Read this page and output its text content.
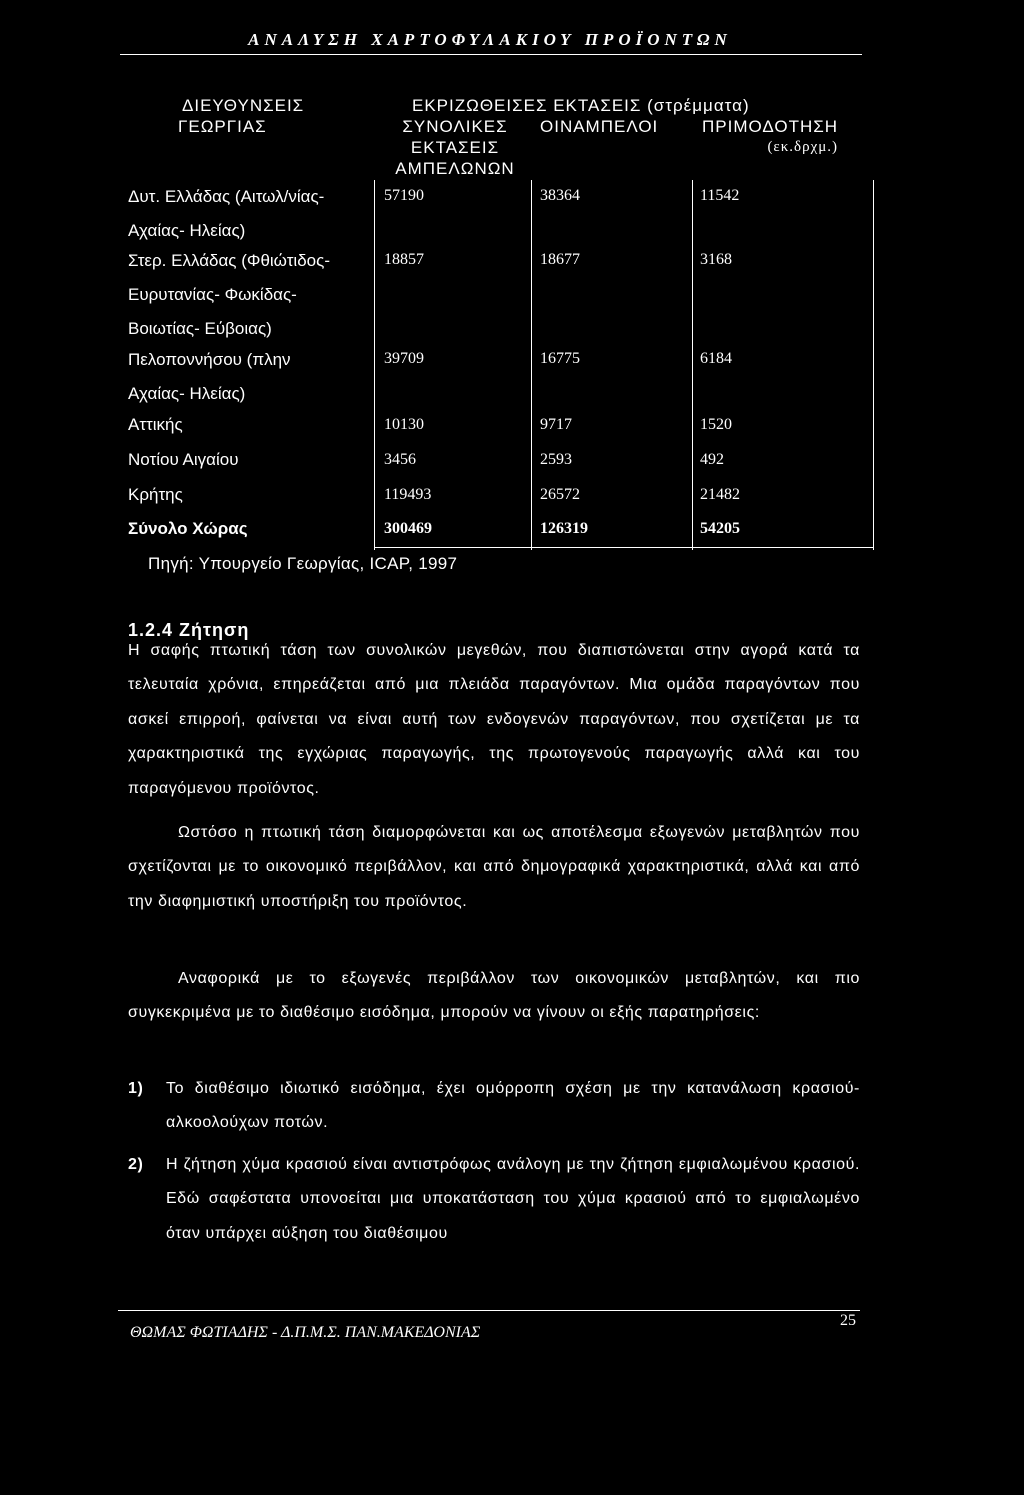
ΑΝΑΛΥΣΗ ΧΑΡΤΟΦΥΛΑΚΙΟΥ ΠΡΟΪΟΝΤΩΝ
ΔΙΕΥΘΥΝΣΕΙΣ
ΓΕΩΡΓΙΑΣ
ΕΚΡΙΖΩΘΕΙΣΕΣ ΕΚΤΑΣΕΙΣ (στρέμματα)
ΣΥΝΟΛΙΚΕΣ
ΕΚΤΑΣΕΙΣ
ΑΜΠΕΛΩΝΩΝ
ΟΙΝΑΜΠΕΛΟΙ	ΠΡΙΜΟΔΟΤΗΣΗ
(εκ.δρχμ.)
Δυτ. Ελλάδας (Αιτωλ/νίας-
Αχαίας- Ηλείας)
57190	38364	11542
Στερ. Ελλάδας (Φθιώτιδος-
Ευρυτανίας- Φωκίδας-
Βοιωτίας- Εύβοιας)
18857	18677	3168
Πελοποννήσου (πλην
Αχαίας- Ηλείας)
39709	16775	6184
Αττικής	10130	9717	1520
Νοτίου Αιγαίου	3456	2593	492
Κρήτης	119493	26572	21482
Σύνολο Χώρας	300469	126319	54205
Πηγή: Υπουργείο Γεωργίας, ICAP, 1997
1.2.4 Ζήτηση
Η σαφής πτωτική τάση των συνολικών μεγεθών, που διαπιστώνεται στην αγορά κατά τα τελευταία χρόνια, επηρεάζεται από μια πλειάδα παραγόντων. Μια ομάδα παραγόντων που ασκεί επιρροή, φαίνεται να είναι αυτή των ενδογενών παραγόντων, που σχετίζεται με τα χαρακτηριστικά της εγχώριας παραγωγής, της πρωτογενούς παραγωγής αλλά και του παραγόμενου προϊόντος.
Ωστόσο η πτωτική τάση διαμορφώνεται και ως αποτέλεσμα εξωγενών μεταβλητών που σχετίζονται με το οικονομικό περιβάλλον, και από δημογραφικά χαρακτηριστικά, αλλά και από την διαφημιστική υποστήριξη του προϊόντος.
Αναφορικά με το εξωγενές περιβάλλον των οικονομικών μεταβλητών, και πιο συγκεκριμένα με το διαθέσιμο εισόδημα, μπορούν να γίνουν οι εξής παρατηρήσεις:
1) Το διαθέσιμο ιδιωτικό εισόδημα, έχει ομόρροπη σχέση με την κατανάλωση κρασιού- αλκοολούχων ποτών.
2) Η ζήτηση χύμα κρασιού είναι αντιστρόφως ανάλογη με την ζήτηση εμφιαλωμένου κρασιού. Εδώ σαφέστατα υπονοείται μια υποκατάσταση του χύμα κρασιού από το εμφιαλωμένο όταν υπάρχει αύξηση του διαθέσιμου
ΘΩΜΑΣ ΦΩΤΙΑΔΗΣ - Δ.Π.Μ.Σ. ΠΑΝ.ΜΑΚΕΔΟΝΙΑΣ
25
